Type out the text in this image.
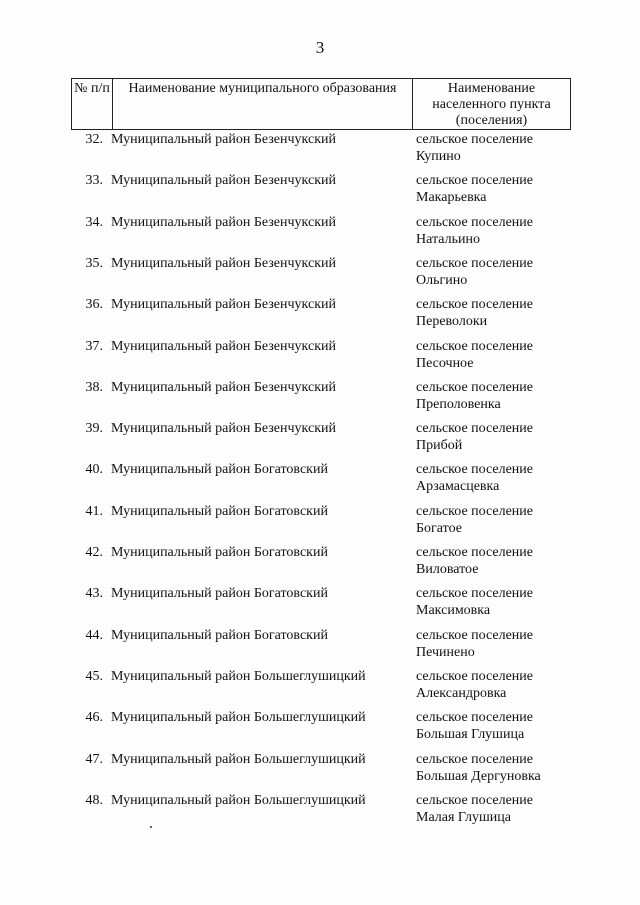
3
№ п/п	Наименование муниципального образования	Наименование населенного пункта (поселения)
32. Муниципальный район Безенчукский	сельское поселение
Купино
33. Муниципальный район Безенчукский	сельское поселение
Макарьевка
34. Муниципальный район Безенчукский	сельское поселение
Натальино
35. Муниципальный район Безенчукский	сельское поселение
Ольгино
36. Муниципальный район Безенчукский	сельское поселение
Переволоки
37. Муниципальный район Безенчукский	сельское поселение
Песочное
38. Муниципальный район Безенчукский	сельское поселение
Преполовенка
39. Муниципальный район Безенчукский	сельское поселение
Прибой
40. Муниципальный район Богатовский	сельское поселение
Арзамасцевка
41. Муниципальный район Богатовский	сельское поселение
Богатое
42. Муниципальный район Богатовский	сельское поселение
Виловатое
43. Муниципальный район Богатовский	сельское поселение
Максимовка
44. Муниципальный район Богатовский	сельское поселение
Печинено
45. Муниципальный район Большеглушицкий	сельское поселение
Александровка
46. Муниципальный район Большеглушицкий	сельское поселение
Большая Глушица
47. Муниципальный район Большеглушицкий	сельское поселение
Большая Дергуновка
48. Муниципальный район Большеглушицкий	сельское поселение
Малая Глушица
